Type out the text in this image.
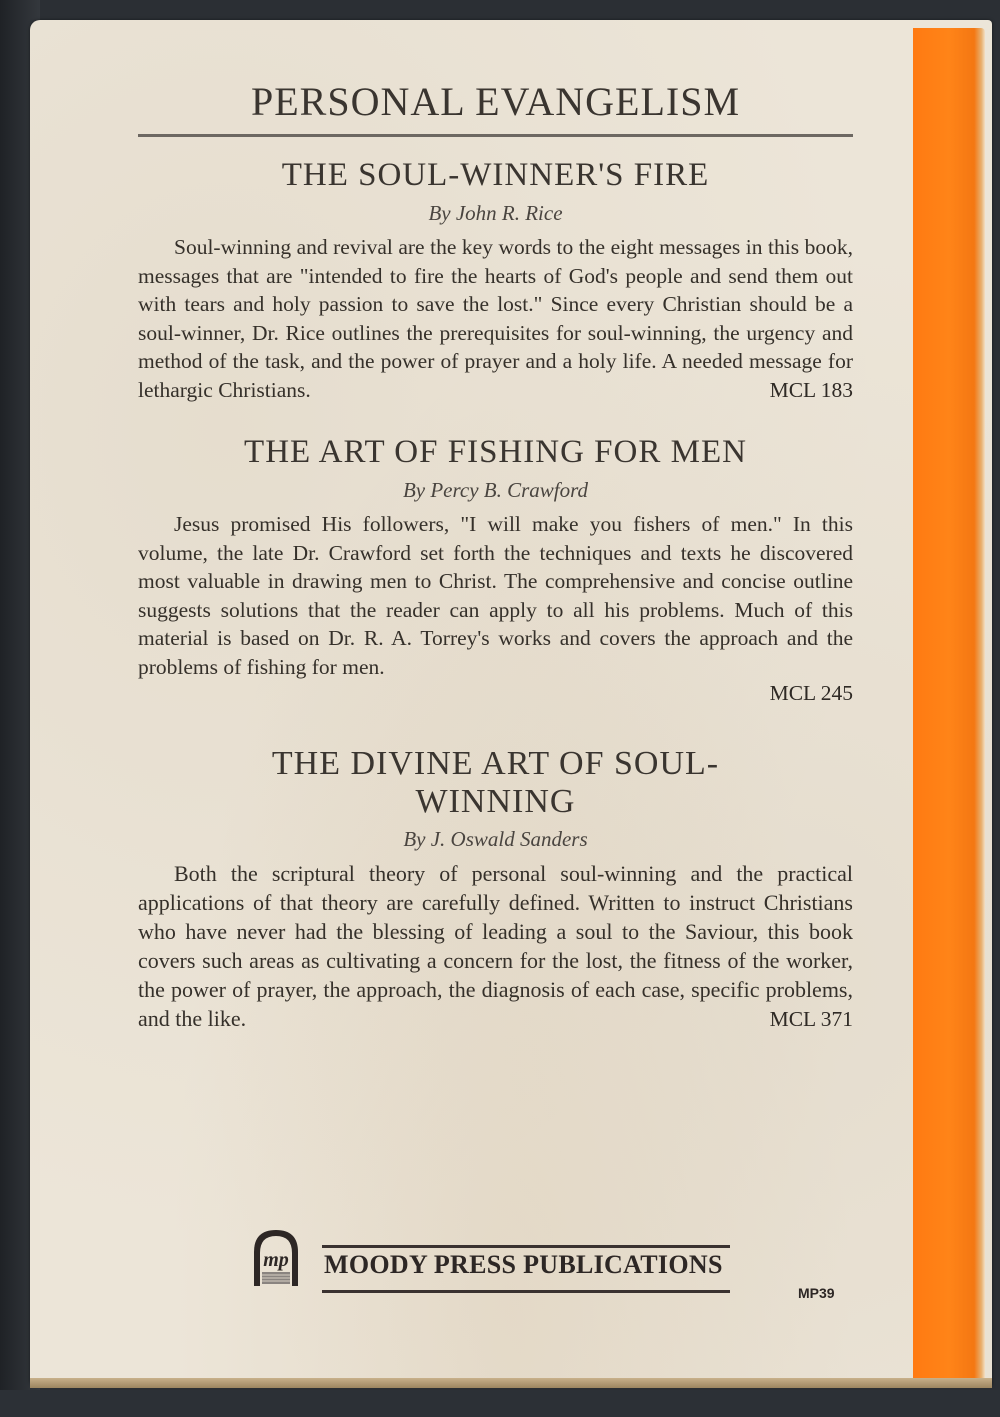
PERSONAL EVANGELISM
THE SOUL-WINNER'S FIRE
By John R. Rice
Soul-winning and revival are the key words to the eight messages in this book, messages that are "intended to fire the hearts of God's people and send them out with tears and holy passion to save the lost." Since every Christian should be a soul-winner, Dr. Rice outlines the prerequisites for soul-winning, the urgency and method of the task, and the power of prayer and a holy life. A needed message for lethargic Christians.	MCL 183
THE ART OF FISHING FOR MEN
By Percy B. Crawford
Jesus promised His followers, "I will make you fishers of men." In this volume, the late Dr. Crawford set forth the techniques and texts he discovered most valuable in drawing men to Christ. The comprehensive and concise outline suggests solutions that the reader can apply to all his problems. Much of this material is based on Dr. R. A. Torrey's works and covers the approach and the problems of fishing for men.
MCL 245
THE DIVINE ART OF SOUL-WINNING
By J. Oswald Sanders
Both the scriptural theory of personal soul-winning and the practical applications of that theory are carefully defined. Written to instruct Christians who have never had the blessing of leading a soul to the Saviour, this book covers such areas as cultivating a concern for the lost, the fitness of the worker, the power of prayer, the approach, the diagnosis of each case, specific problems, and the like.	MCL 371
mp MOODY PRESS PUBLICATIONS
MP39
